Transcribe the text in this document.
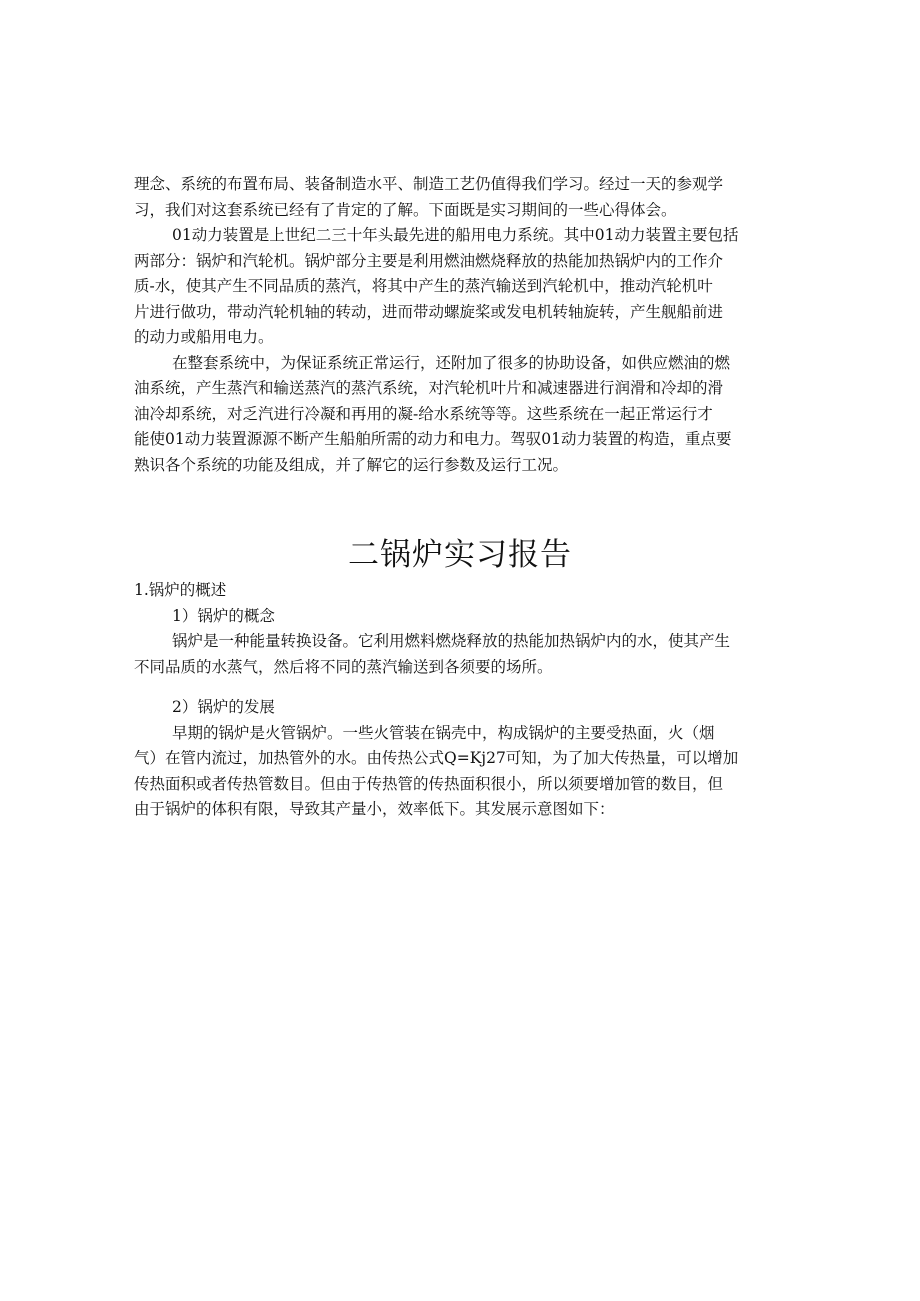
理念、系统的布置布局、装备制造水平、制造工艺仍值得我们学习。经过一天的参观学
习，我们对这套系统已经有了肯定的了解。下面既是实习期间的一些心得体会。
01动力装置是上世纪二三十年头最先进的船用电力系统。其中01动力装置主要包括
两部分：锅炉和汽轮机。锅炉部分主要是利用燃油燃烧释放的热能加热锅炉内的工作介
质-水，使其产生不同品质的蒸汽，将其中产生的蒸汽输送到汽轮机中，推动汽轮机叶
片进行做功，带动汽轮机轴的转动，进而带动螺旋桨或发电机转轴旋转，产生舰船前进
的动力或船用电力。
在整套系统中，为保证系统正常运行，还附加了很多的协助设备，如供应燃油的燃
油系统，产生蒸汽和输送蒸汽的蒸汽系统，对汽轮机叶片和减速器进行润滑和冷却的滑
油冷却系统，对乏汽进行冷凝和再用的凝-给水系统等等。这些系统在一起正常运行才
能使01动力装置源源不断产生船舶所需的动力和电力。驾驭01动力装置的构造，重点要
熟识各个系统的功能及组成，并了解它的运行参数及运行工况。
二锅炉实习报告
1.锅炉的概述
1）锅炉的概念
锅炉是一种能量转换设备。它利用燃料燃烧释放的热能加热锅炉内的水，使其产生
不同品质的水蒸气，然后将不同的蒸汽输送到各须要的场所。
2）锅炉的发展
早期的锅炉是火管锅炉。一些火管装在锅壳中，构成锅炉的主要受热面，火（烟
气）在管内流过，加热管外的水。由传热公式Q=Kj27可知，为了加大传热量，可以增加
传热面积或者传热管数目。但由于传热管的传热面积很小，所以须要增加管的数目，但
由于锅炉的体积有限，导致其产量小，效率低下。其发展示意图如下：
